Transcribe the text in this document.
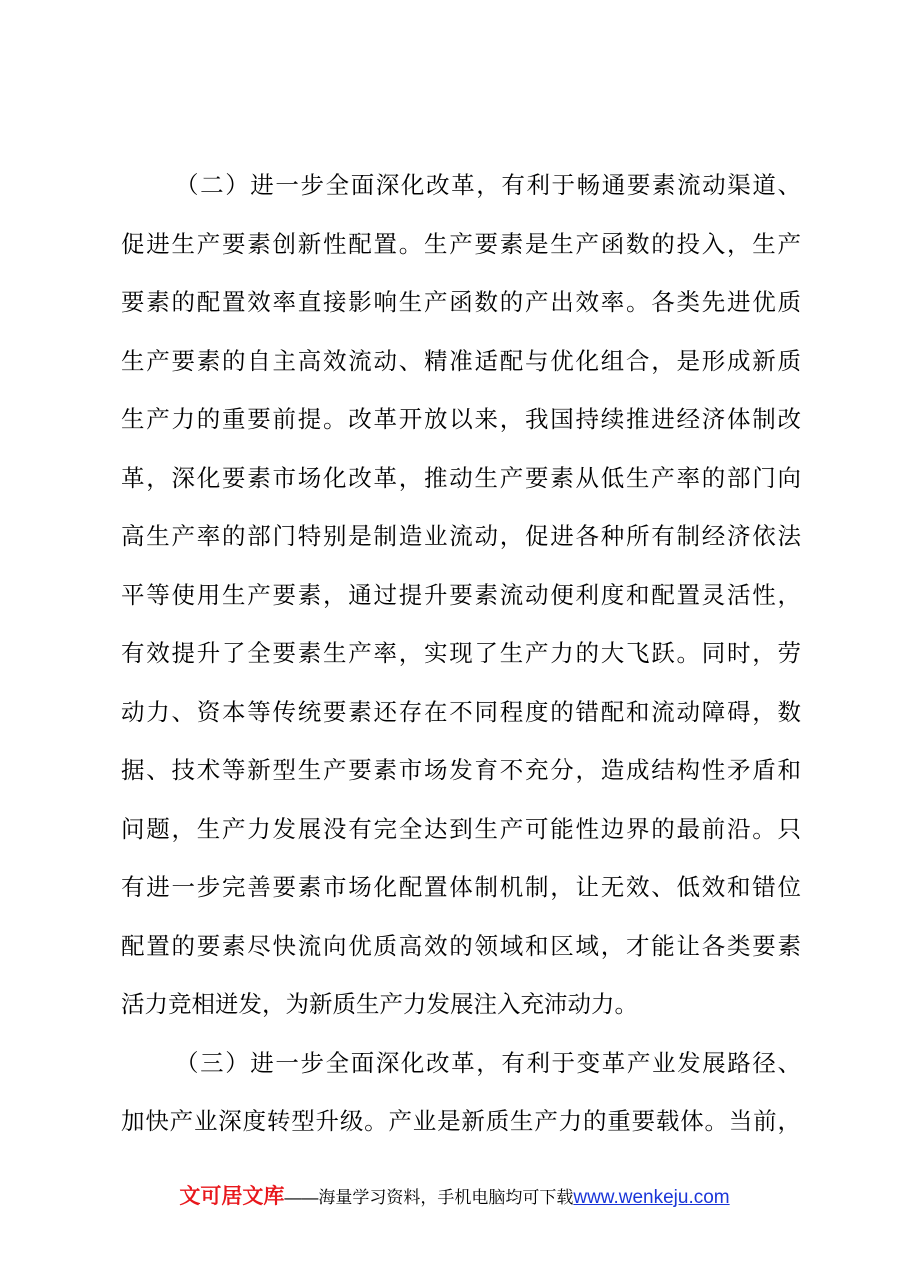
（二）进一步全面深化改革，有利于畅通要素流动渠道、
促进生产要素创新性配置。生产要素是生产函数的投入，生产
要素的配置效率直接影响生产函数的产出效率。各类先进优质
生产要素的自主高效流动、精准适配与优化组合，是形成新质
生产力的重要前提。改革开放以来，我国持续推进经济体制改
革，深化要素市场化改革，推动生产要素从低生产率的部门向
高生产率的部门特别是制造业流动，促进各种所有制经济依法
平等使用生产要素，通过提升要素流动便利度和配置灵活性，
有效提升了全要素生产率，实现了生产力的大飞跃。同时，劳
动力、资本等传统要素还存在不同程度的错配和流动障碍，数
据、技术等新型生产要素市场发育不充分，造成结构性矛盾和
问题，生产力发展没有完全达到生产可能性边界的最前沿。只
有进一步完善要素市场化配置体制机制，让无效、低效和错位
配置的要素尽快流向优质高效的领域和区域，才能让各类要素
活力竞相迸发，为新质生产力发展注入充沛动力。
（三）进一步全面深化改革，有利于变革产业发展路径、
加快产业深度转型升级。产业是新质生产力的重要载体。当前，
文可居文库——海量学习资料，手机电脑均可下载www.wenkeju.com
